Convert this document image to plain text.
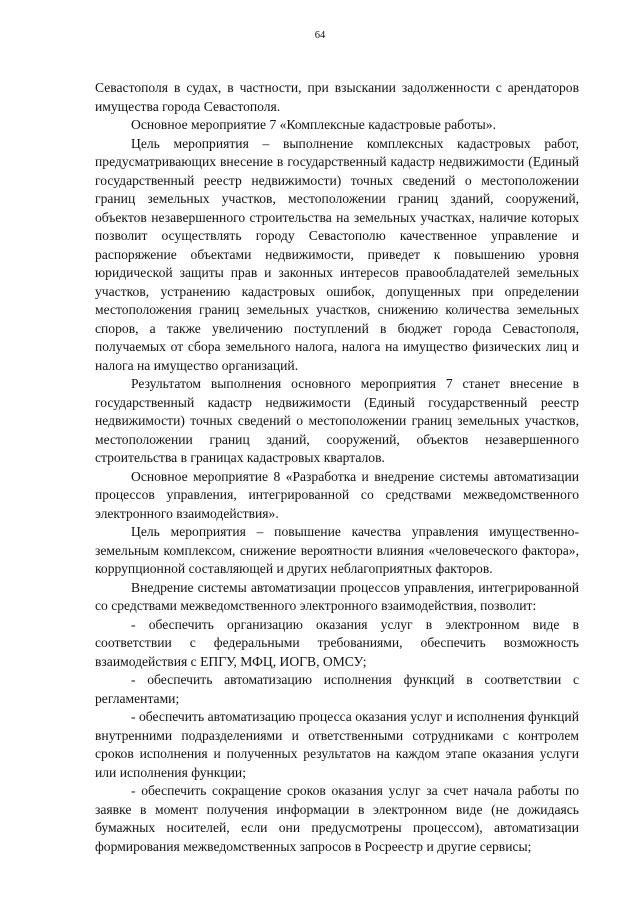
64

Севастополя в судах, в частности, при взыскании задолженности с арендаторов имущества города Севастополя.

Основное мероприятие 7 «Комплексные кадастровые работы».

Цель мероприятия – выполнение комплексных кадастровых работ, предусматривающих внесение в государственный кадастр недвижимости (Единый государственный реестр недвижимости) точных сведений о местоположении границ земельных участков, местоположении границ зданий, сооружений, объектов незавершенного строительства на земельных участках, наличие которых позволит осуществлять городу Севастополю качественное управление и распоряжение объектами недвижимости, приведет к повышению уровня юридической защиты прав и законных интересов правообладателей земельных участков, устранению кадастровых ошибок, допущенных при определении местоположения границ земельных участков, снижению количества земельных споров, а также увеличению поступлений в бюджет города Севастополя, получаемых от сбора земельного налога, налога на имущество физических лиц и налога на имущество организаций.

Результатом выполнения основного мероприятия 7 станет внесение в государственный кадастр недвижимости (Единый государственный реестр недвижимости) точных сведений о местоположении границ земельных участков, местоположении границ зданий, сооружений, объектов незавершенного строительства в границах кадастровых кварталов.

Основное мероприятие 8 «Разработка и внедрение системы автоматизации процессов управления, интегрированной со средствами межведомственного электронного взаимодействия».

Цель мероприятия – повышение качества управления имущественно-земельным комплексом, снижение вероятности влияния «человеческого фактора», коррупционной составляющей и других неблагоприятных факторов.

Внедрение системы автоматизации процессов управления, интегрированной со средствами межведомственного электронного взаимодействия, позволит:

- обеспечить организацию оказания услуг в электронном виде в соответствии с федеральными требованиями, обеспечить возможность взаимодействия с ЕПГУ, МФЦ, ИОГВ, ОМСУ;

- обеспечить автоматизацию исполнения функций в соответствии с регламентами;

- обеспечить автоматизацию процесса оказания услуг и исполнения функций внутренними подразделениями и ответственными сотрудниками с контролем сроков исполнения и полученных результатов на каждом этапе оказания услуги или исполнения функции;

- обеспечить сокращение сроков оказания услуг за счет начала работы по заявке в момент получения информации в электронном виде (не дожидаясь бумажных носителей, если они предусмотрены процессом), автоматизации формирования межведомственных запросов в Росреестр и другие сервисы;
